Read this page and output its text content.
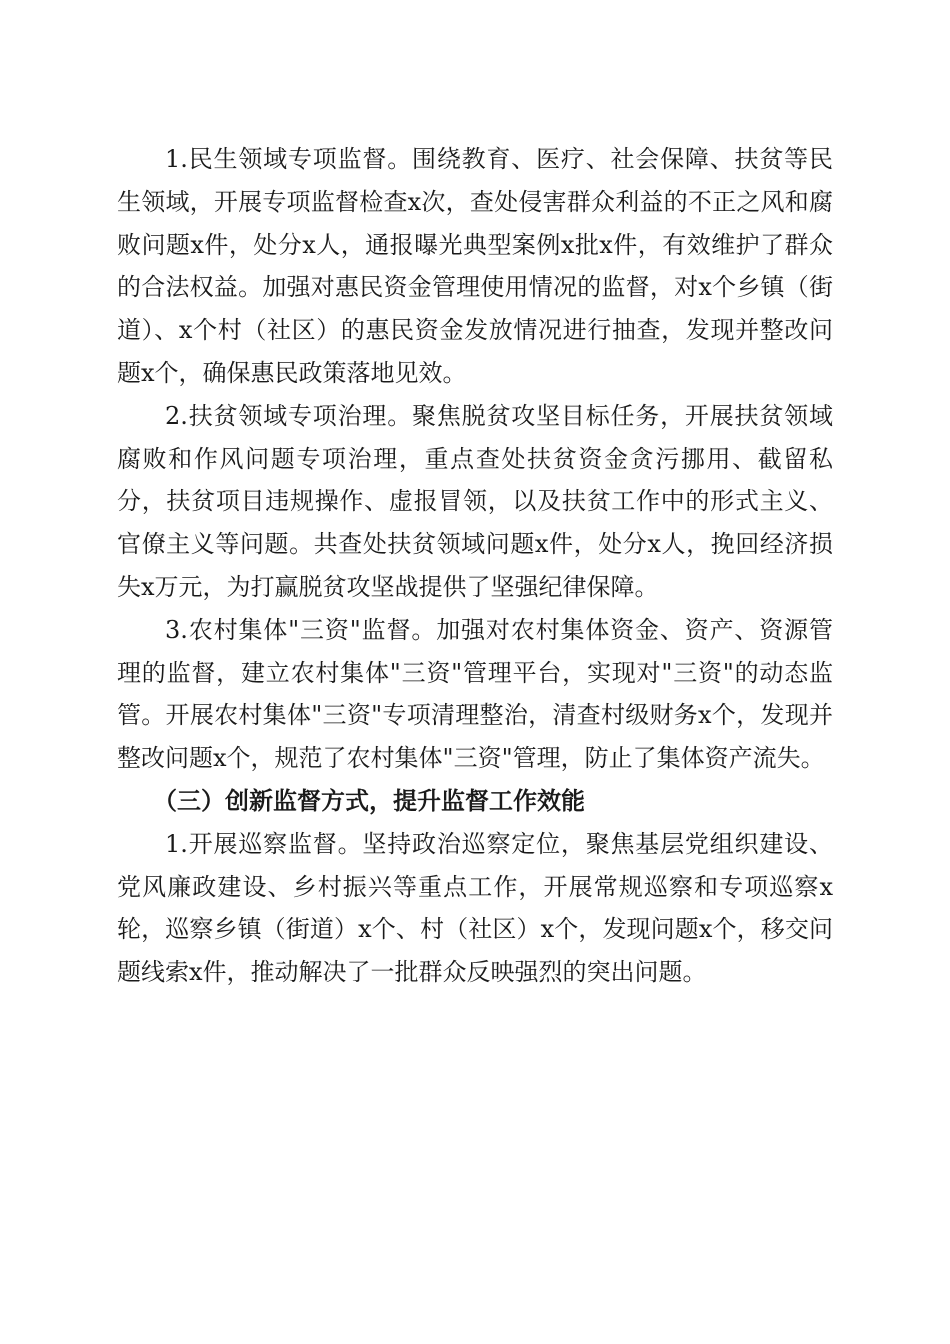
1.民生领域专项监督。围绕教育、医疗、社会保障、扶贫等民生领域，开展专项监督检查x次，查处侵害群众利益的不正之风和腐败问题x件，处分x人，通报曝光典型案例x批x件，有效维护了群众的合法权益。加强对惠民资金管理使用情况的监督，对x个乡镇（街道）、x个村（社区）的惠民资金发放情况进行抽查，发现并整改问题x个，确保惠民政策落地见效。

2.扶贫领域专项治理。聚焦脱贫攻坚目标任务，开展扶贫领域腐败和作风问题专项治理，重点查处扶贫资金贪污挪用、截留私分，扶贫项目违规操作、虚报冒领，以及扶贫工作中的形式主义、官僚主义等问题。共查处扶贫领域问题x件，处分x人，挽回经济损失x万元，为打赢脱贫攻坚战提供了坚强纪律保障。

3.农村集体"三资"监督。加强对农村集体资金、资产、资源管理的监督，建立农村集体"三资"管理平台，实现对"三资"的动态监管。开展农村集体"三资"专项清理整治，清查村级财务x个，发现并整改问题x个，规范了农村集体"三资"管理，防止了集体资产流失。

（三）创新监督方式，提升监督工作效能

1.开展巡察监督。坚持政治巡察定位，聚焦基层党组织建设、党风廉政建设、乡村振兴等重点工作，开展常规巡察和专项巡察x轮，巡察乡镇（街道）x个、村（社区）x个，发现问题x个，移交问题线索x件，推动解决了一批群众反映强烈的突出问题。
